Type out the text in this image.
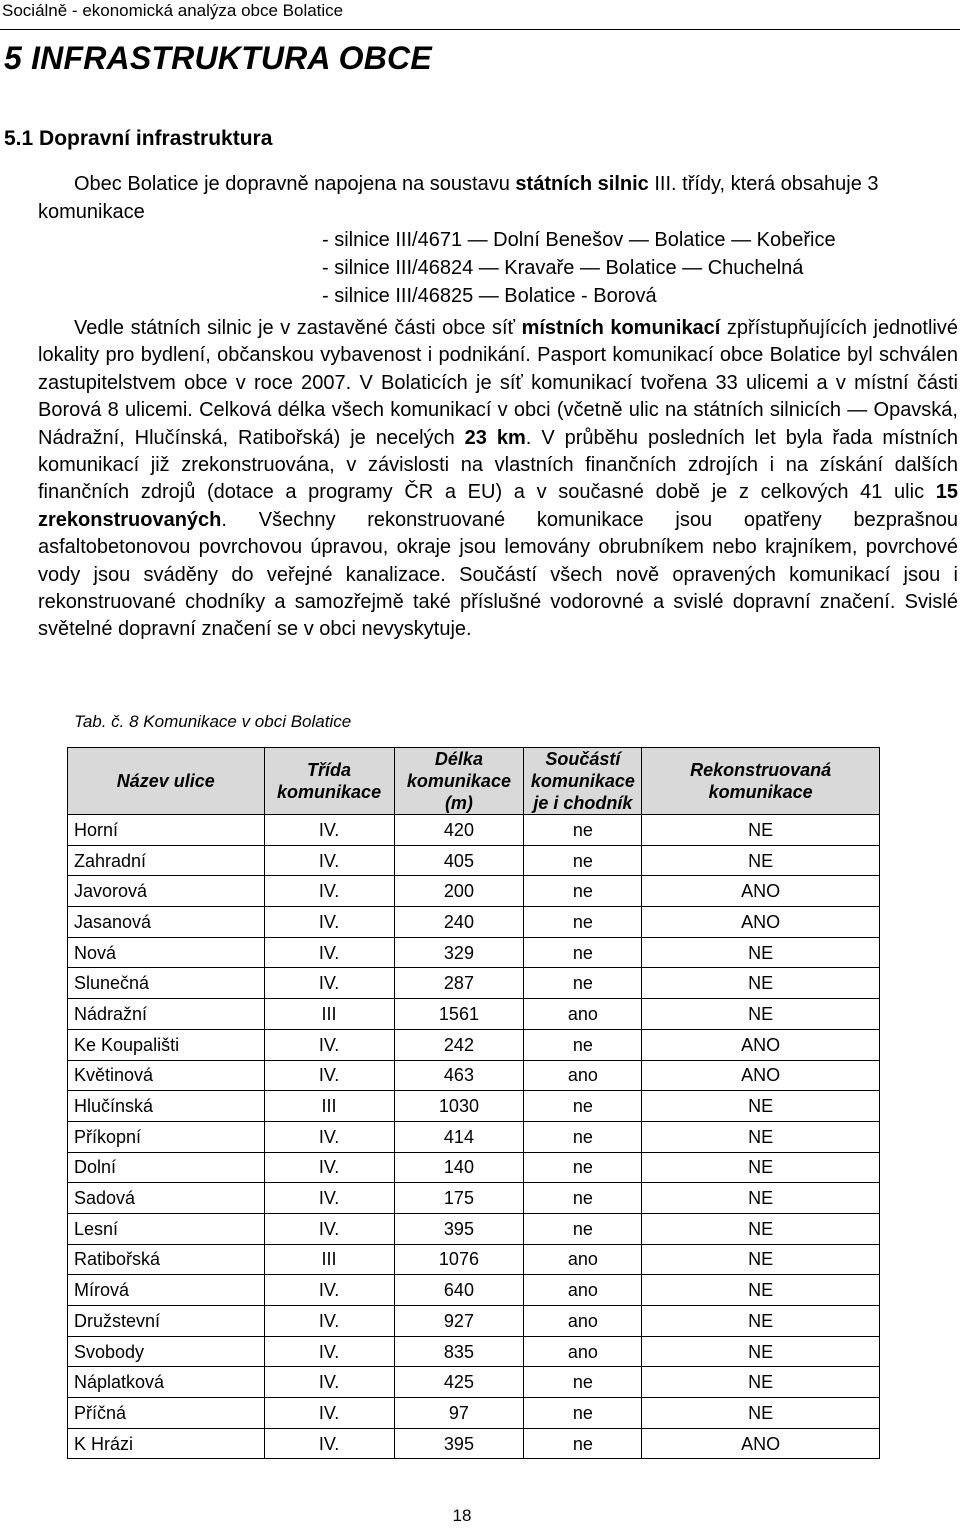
Sociálně - ekonomická analýza obce Bolatice
5 INFRASTRUKTURA OBCE
5.1 Dopravní infrastruktura

Obec Bolatice je dopravně napojena na soustavu státních silnic III. třídy, která obsahuje 3 komunikace

- silnice III/4671 — Dolní Benešov — Bolatice — Kobeřice
- silnice III/46824 — Kravaře — Bolatice — Chuchelná
- silnice III/46825 — Bolatice - Borová

Vedle státních silnic je v zastavěné části obce síť místních komunikací zpřístupňujících jednotlivé lokality pro bydlení, občanskou vybavenost i podnikání. Pasport komunikací obce Bolatice byl schválen zastupitelstvem obce v roce 2007. V Bolaticích je síť komunikací tvořena 33 ulicemi a v místní části Borová 8 ulicemi. Celková délka všech komunikací v obci (včetně ulic na státních silnicích — Opavská, Nádražní, Hlučínská, Ratibořská) je necelých 23 km. V průběhu posledních let byla řada místních komunikací již zrekonstruována, v závislosti na vlastních finančních zdrojích i na získání dalších finančních zdrojů (dotace a programy ČR a EU) a v současné době je z celkových 41 ulic 15 zrekonstruovaných. Všechny rekonstruované komunikace jsou opatřeny bezprašnou asfaltobetonovou povrchovou úpravou, okraje jsou lemovány obrubníkem nebo krajníkem, povrchové vody jsou sváděny do veřejné kanalizace. Součástí všech nově opravených komunikací jsou i rekonstruované chodníky a samozřejmě také příslušné vodorovné a svislé dopravní značení. Svislé světelné dopravní značení se v obci nevyskytuje.

Tab. č. 8 Komunikace v obci Bolatice
Název ulice	Třída komunikace	Délka komunikace (m)	Součástí komunikace je i chodník	Rekonstruovaná komunikace
Horní	IV.	420	ne	NE
Zahradní	IV.	405	ne	NE
Javorová	IV.	200	ne	ANO
Jasanová	IV.	240	ne	ANO
Nová	IV.	329	ne	NE
Slunečná	IV.	287	ne	NE
Nádražní	III	1561	ano	NE
Ke Koupališti	IV.	242	ne	ANO
Květinová	IV.	463	ano	ANO
Hlučínská	III	1030	ne	NE
Příkopní	IV.	414	ne	NE
Dolní	IV.	140	ne	NE
Sadová	IV.	175	ne	NE
Lesní	IV.	395	ne	NE
Ratibořská	III	1076	ano	NE
Mírová	IV.	640	ano	NE
Družstevní	IV.	927	ano	NE
Svobody	IV.	835	ano	NE
Náplatková	IV.	425	ne	NE
Příčná	IV.	97	ne	NE
K Hrázi	IV.	395	ne	ANO
18
